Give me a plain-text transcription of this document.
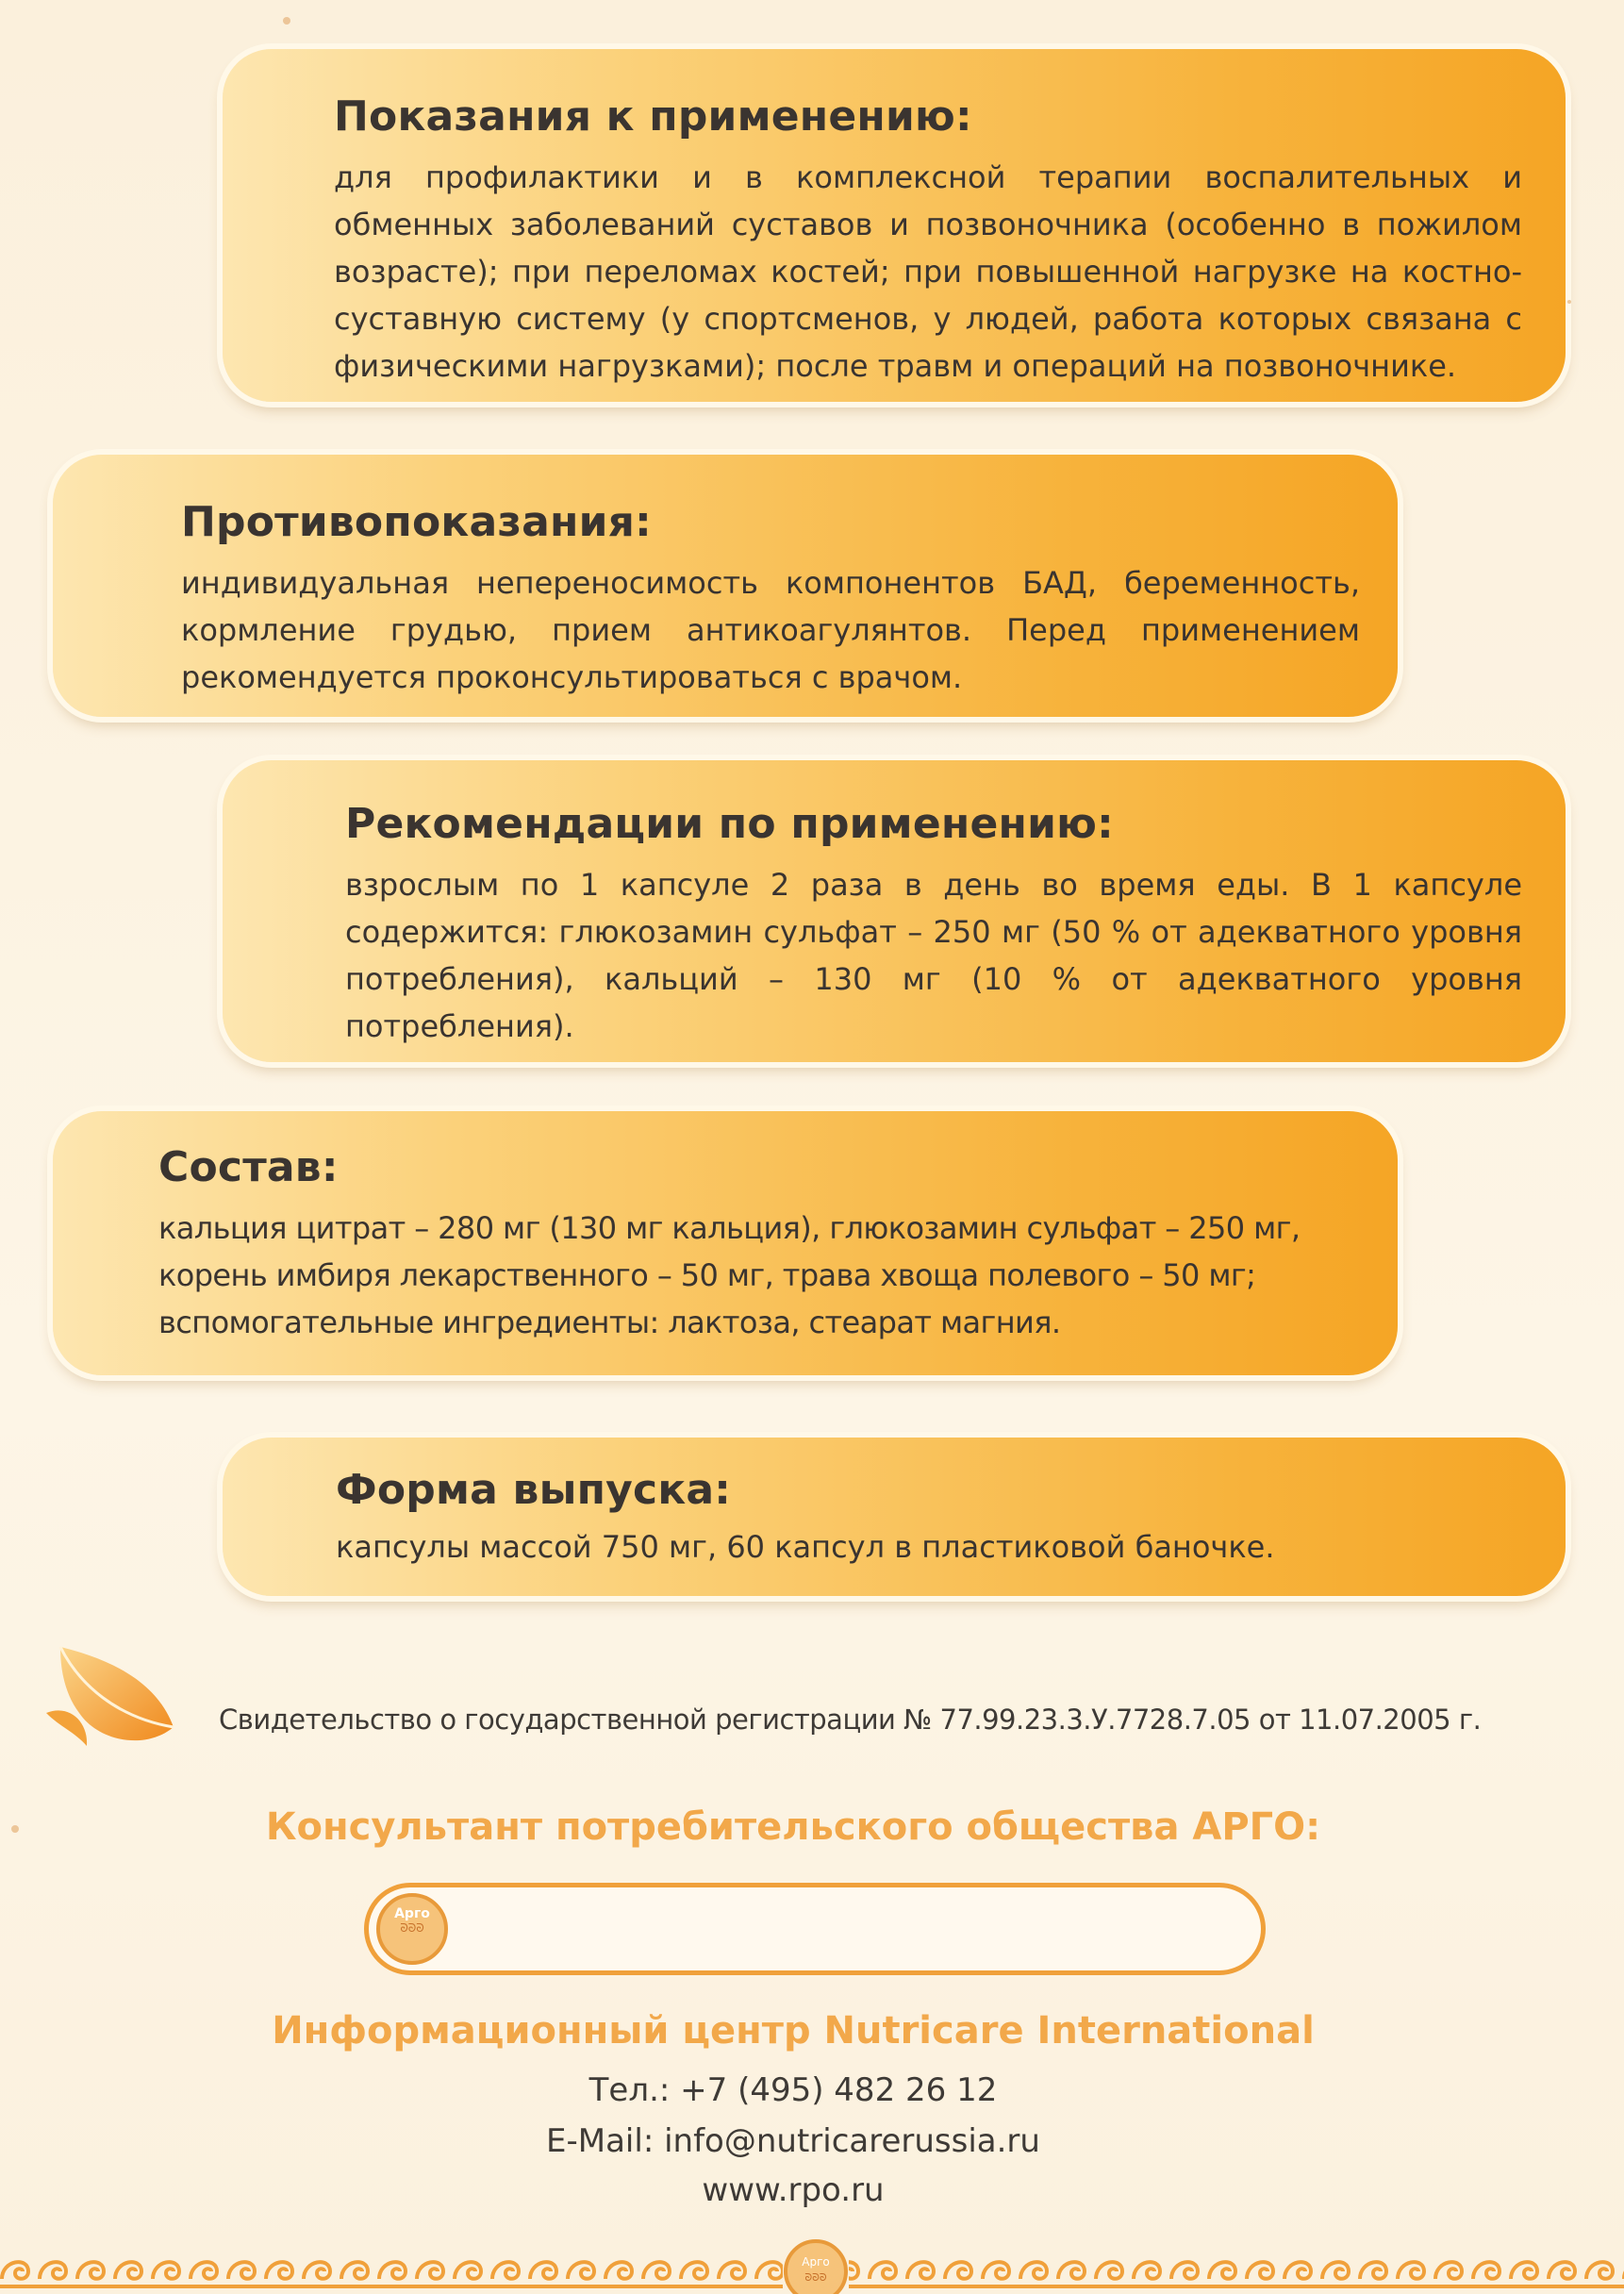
Показания к применению:

для профилактики и в комплексной терапии воспалительных и обменных заболеваний суставов и позвоночника (особенно в пожилом возрасте); при переломах костей; при повышенной нагрузке на костно-суставную систему (у спортсменов, у людей, работа которых связана с физическими нагрузками); после травм и операций на позвоночнике.

Противопоказания:

индивидуальная непереносимость компонентов БАД, беременность, кормление грудью, прием антикоагулянтов. Перед применением рекомендуется проконсультироваться с врачом.

Рекомендации по применению:

взрослым по 1 капсуле 2 раза в день во время еды. В 1 капсуле содержится: глюкозамин сульфат – 250 мг (50 % от адекватного уровня потребления), кальций – 130 мг (10 % от адекватного уровня потребления).

Состав:

кальция цитрат – 280 мг (130 мг кальция), глюкозамин сульфат – 250 мг,
корень имбиря лекарственного – 50 мг, трава хвоща полевого – 50 мг;
вспомогательные ингредиенты: лактоза, стеарат магния.

Форма выпуска:

капсулы массой 750 мг, 60 капсул в пластиковой баночке.

Свидетельство о государственной регистрации № 77.99.23.3.У.7728.7.05 от 11.07.2005 г.
Консультант потребительского общества АРГО:
Арго
ᘐᘐᘐ
Информационный центр Nutricare International
Тел.: +7 (495) 482 26 12
E-Mail: info@nutricarerussia.ru
www.rpo.ru
Арго
ᘐᘐᘐ
